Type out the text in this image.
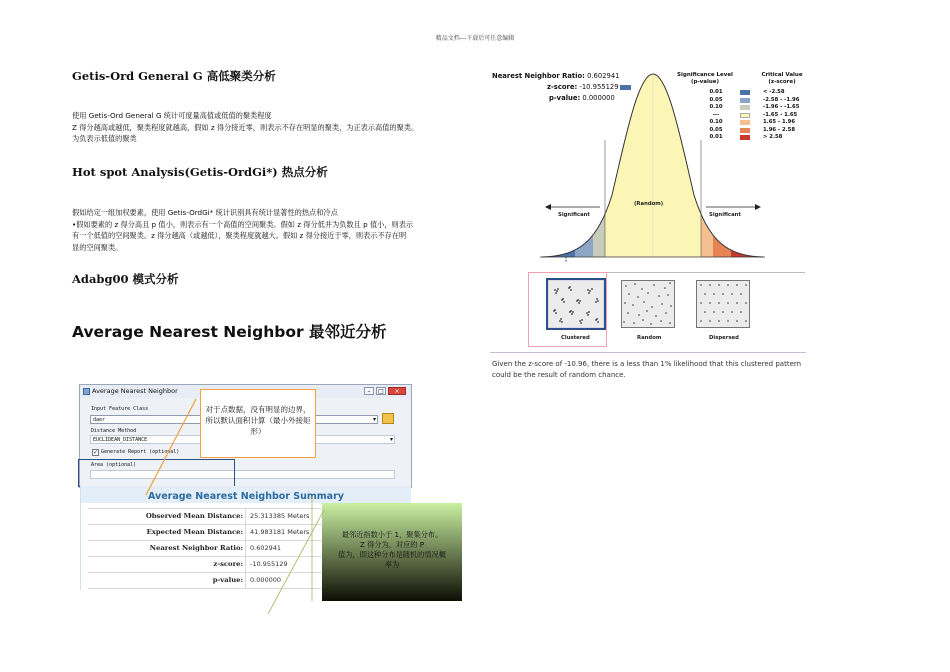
精品文档---下载后可任意编辑
Getis-Ord General G 高低聚类分析
使用 Getis-Ord General G 统计可度量高值或低值的聚类程度
Z 得分越高或越低，聚类程度就越高，假如 z 得分接近零，则表示不存在明显的聚类，为正表示高值的聚类。
为负表示低值的聚类
Hot spot Analysis(Getis-OrdGi*) 热点分析
假如给定一组加权要素，使用 Getis-OrdGi* 统计识别具有统计显著性的热点和冷点
•假如要素的 z 得分高且 p 值小，则表示有一个高值的空间聚类。假如 z 得分低并为负数且 p 值小，则表示
有一个低值的空间聚类。z 得分越高（或越低），聚类程度就越大。假如 z 得分接近于零，则表示不存在明
显的空间聚类。
Adabg00 模式分析
Average Nearest Neighbor 最邻近分析
Average Nearest Neighbor	–	□	×
Input Feature Class
daer	▾
Distance Method
EUCLIDEAN_DISTANCE	▾
✓ Generate Report (optional)
Area (optional)
Average Nearest Neighbor Summary
Observed Mean Distance: 25.313385 Meters
Expected Mean Distance: 41.983181 Meters
Nearest Neighbor Ratio: 0.602941
z-score: -10.955129
p-value: 0.000000
对于点数据，没有明显的边界，所以默认面积计算（最小外接矩形）
最邻近指数小于 1，聚集分布。
Z 得分为，对应的 P
值为，即这种分布是随机的情况概
率为
Nearest Neighbor Ratio: 0.602941
z-score: -10.955129
p-value: 0.000000
Significance Level
(p-value)
Critical Value
(z-score)
0.01	< -2.58
0.05	-2.58 - -1.96
0.10	-1.96 - -1.65
---	-1.65 - 1.65
0.10	1.65 - 1.96
0.05	1.96 - 2.58
0.01	> 2.58
Significant	Significant
(Random)
Clustered	Random	Dispersed
Given the z-score of -10.96, there is a less than 1% likelihood that this clustered pattern could be the result of random chance.
